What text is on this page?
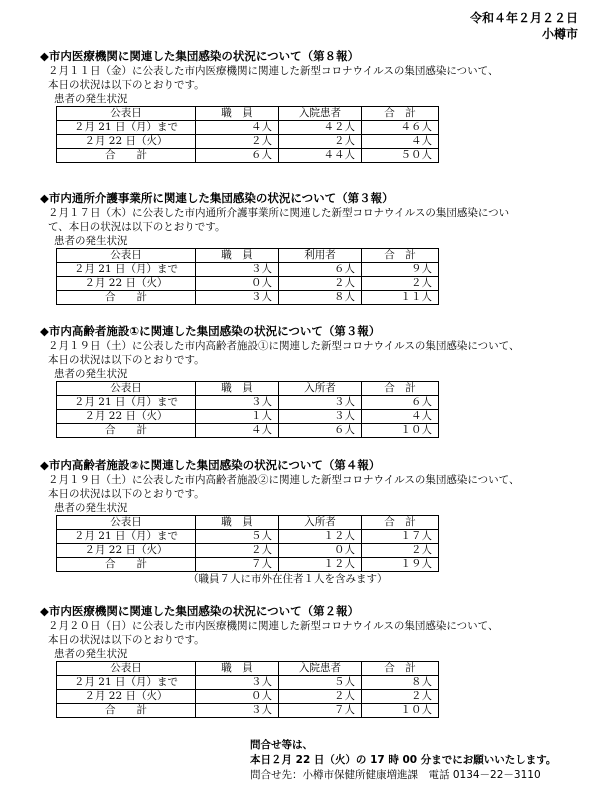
令和４年２月２２日
小樽市
◆市内医療機関に関連した集団感染の状況について（第８報）
２月１１日（金）に公表した市内医療機関に関連した新型コロナウイルスの集団感染について、
本日の状況は以下のとおりです。
患者の発生状況
公表日	職　員	入院患者	合　計
２月 21 日（月）まで	４人	４２人	４６人
２月 22 日（火）	２人	２人	４人
合　　計	６人	４４人	５０人
◆市内通所介護事業所に関連した集団感染の状況について（第３報）
２月１７日（木）に公表した市内通所介護事業所に関連した新型コロナウイルスの集団感染につい
て、本日の状況は以下のとおりです。
患者の発生状況
公表日	職　員	利用者	合　計
２月 21 日（月）まで	３人	６人	９人
２月 22 日（火）	０人	２人	２人
合　　計	３人	８人	１１人
◆市内高齢者施設①に関連した集団感染の状況について（第３報）
２月１９日（土）に公表した市内高齢者施設①に関連した新型コロナウイルスの集団感染について、
本日の状況は以下のとおりです。
患者の発生状況
公表日	職　員	入所者	合　計
２月 21 日（月）まで	３人	３人	６人
２月 22 日（火）	１人	３人	４人
合　　計	４人	６人	１０人
◆市内高齢者施設②に関連した集団感染の状況について（第４報）
２月１９日（土）に公表した市内高齢者施設②に関連した新型コロナウイルスの集団感染について、
本日の状況は以下のとおりです。
患者の発生状況
公表日	職　員	入所者	合　計
２月 21 日（月）まで	５人	１２人	１７人
２月 22 日（火）	２人	０人	２人
合　　計	７人	１２人	１９人
（職員７人に市外在住者１人を含みます）
◆市内医療機関に関連した集団感染の状況について（第２報）
２月２０日（日）に公表した市内医療機関に関連した新型コロナウイルスの集団感染について、
本日の状況は以下のとおりです。
患者の発生状況
公表日	職　員	入院患者	合　計
２月 21 日（月）まで	３人	５人	８人
２月 22 日（火）	０人	２人	２人
合　　計	３人	７人	１０人
問合せ等は、
本日２月 22 日（火）の 17 時 00 分までにお願いいたします。
問合せ先：小樽市保健所健康増進課　電話 0134－22－3110
